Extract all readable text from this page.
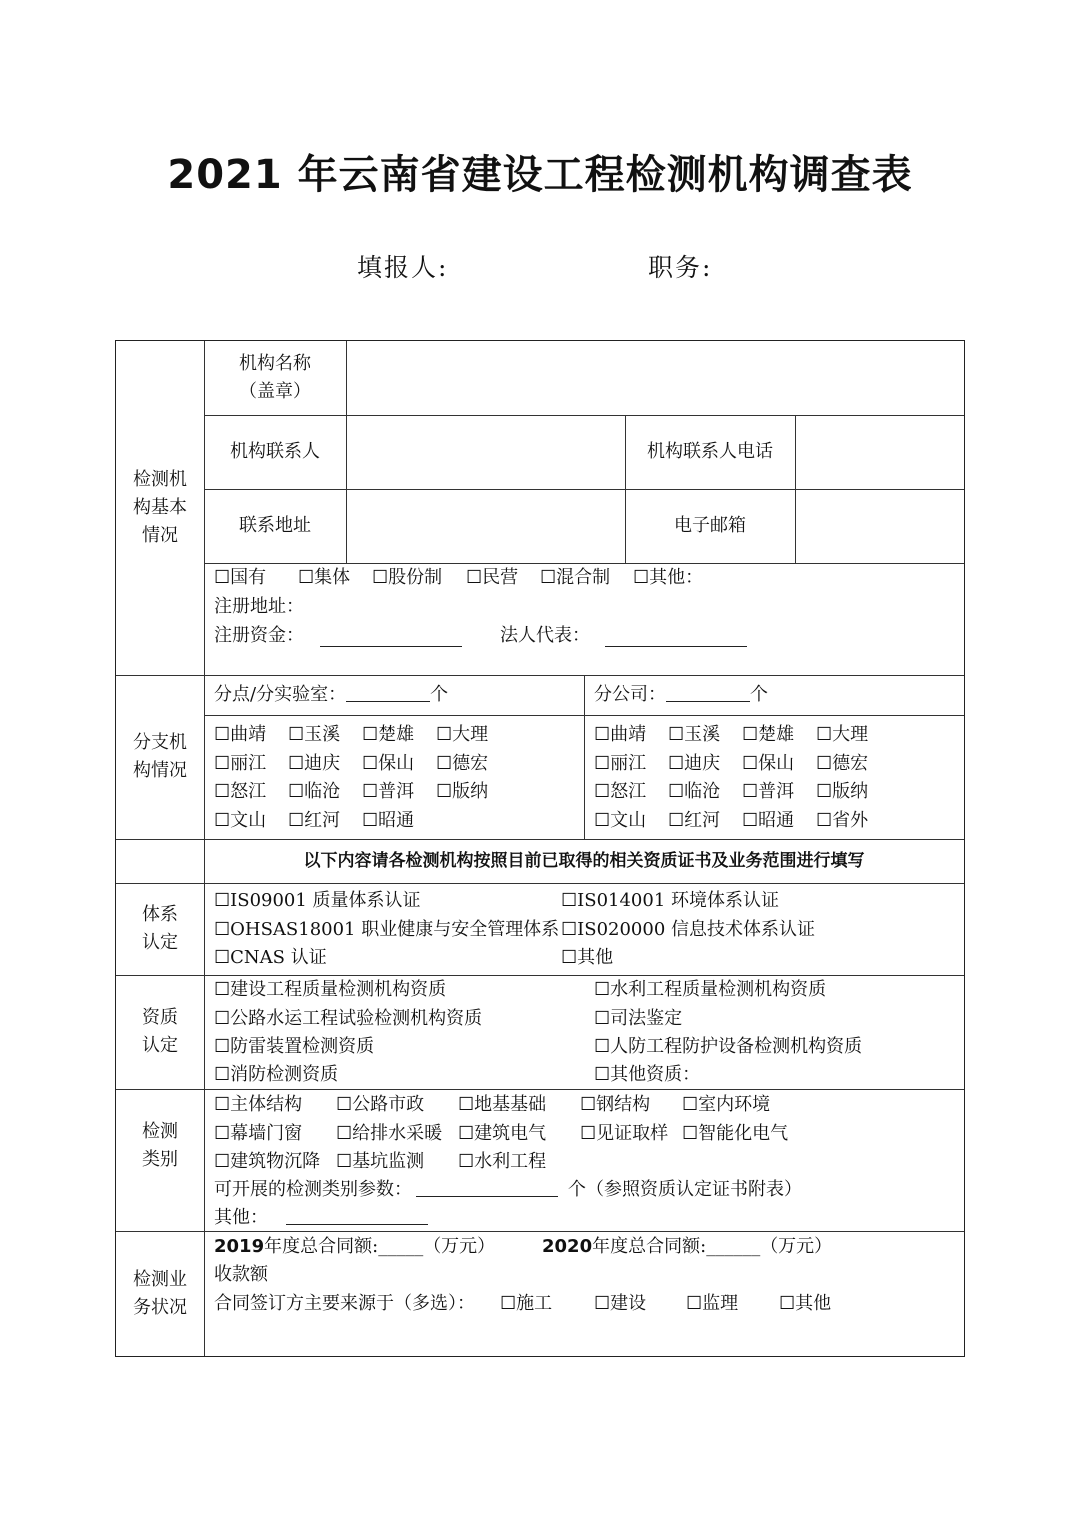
2021 年云南省建设工程检测机构调查表
填报人:	职务:
检测机
构基本
情况
机构名称
（盖章）
机构联系人	机构联系人电话
联系地址	电子邮箱
☐国有 ☐集体 ☐股份制 ☐民营 ☐混合制 ☐其他：
注册地址：
注册资金：	法人代表：
分支机
构情况
分点/分实验室：	个	分公司：	个
☐曲靖 ☐玉溪 ☐楚雄 ☐大理
☐丽江 ☐迪庆 ☐保山 ☐德宏
☐怒江 ☐临沧 ☐普洱 ☐版纳
☐文山 ☐红河 ☐昭通
☐曲靖 ☐玉溪 ☐楚雄 ☐大理
☐丽江 ☐迪庆 ☐保山 ☐德宏
☐怒江 ☐临沧 ☐普洱 ☐版纳
☐文山 ☐红河 ☐昭通 ☐省外
以下内容请各检测机构按照目前已取得的相关资质证书及业务范围进行填写
体系
认定
☐IS09001 质量体系认证	☐IS014001 环境体系认证
☐OHSAS18001 职业健康与安全管理体系 ☐IS020000 信息技术体系认证
☐CNAS 认证	☐其他
资质
认定
☐建设工程质量检测机构资质	☐水利工程质量检测机构资质
☐公路水运工程试验检测机构资质	☐司法鉴定
☐防雷装置检测资质	☐人防工程防护设备检测机构资质
☐消防检测资质	☐其他资质：
检测
类别
☐主体结构 ☐公路市政 ☐地基基础 ☐钢结构 ☐室内环境
☐幕墙门窗 ☐给排水采暖 ☐建筑电气 ☐见证取样 ☐智能化电气
☐建筑物沉降 ☐基坑监测 ☐水利工程
可开展的检测类别参数：	个（参照资质认定证书附表）
其他：
检测业
务状况
2019年度总合同额:_____（万元）	2020年度总合同额:______（万元）
收款额
合同签订方主要来源于（多选）： ☐施工 ☐建设 ☐监理 ☐其他
